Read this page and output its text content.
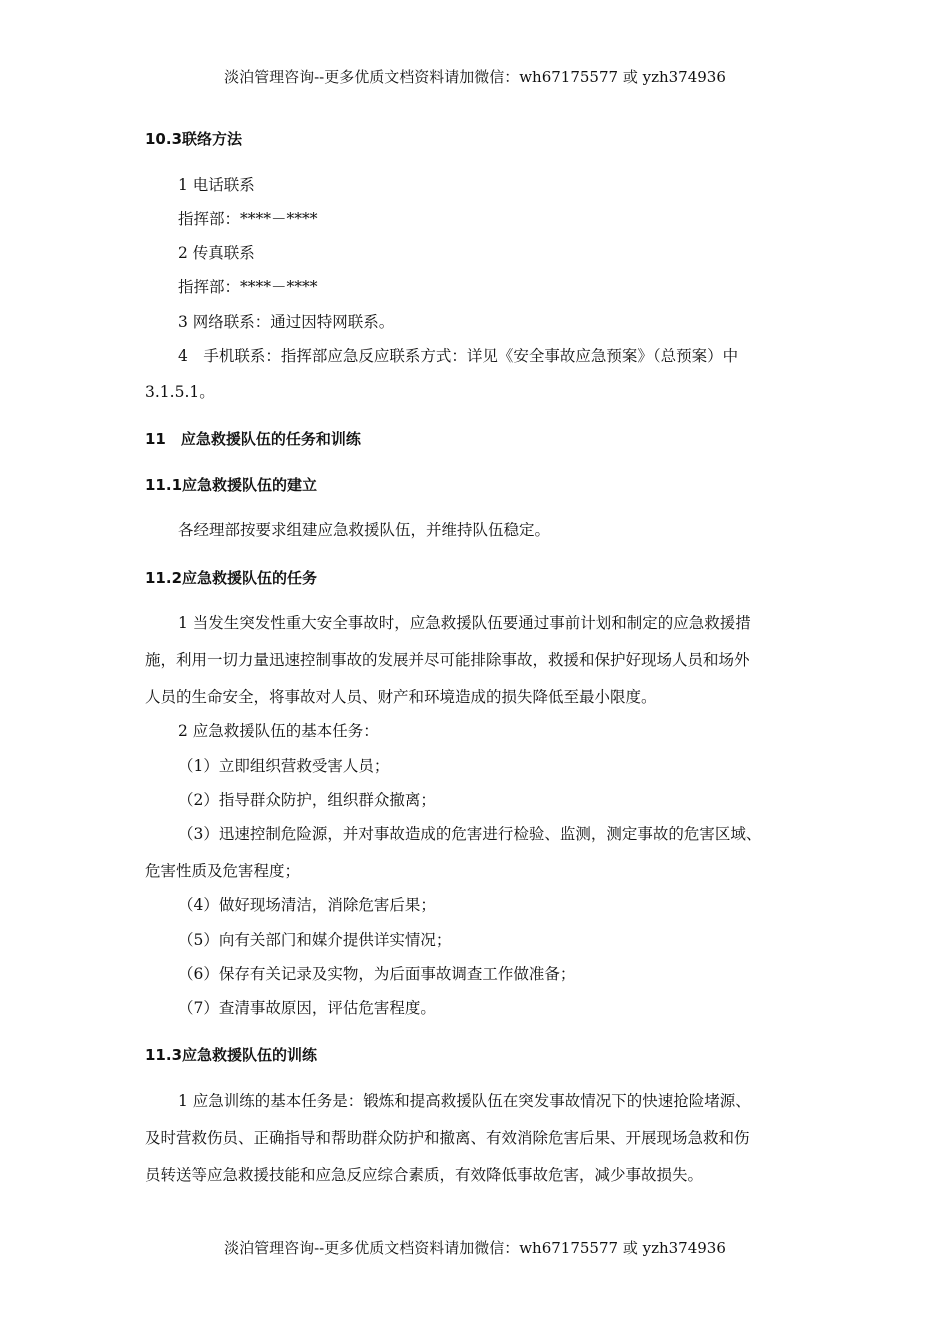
淡泊管理咨询--更多优质文档资料请加微信：wh67175577 或 yzh374936
10.3联络方法
1 电话联系
指挥部：****－****
2 传真联系
指挥部：****－****
3 网络联系：通过因特网联系。
4　手机联系：指挥部应急反应联系方式：详见《安全事故应急预案》（总预案）中
3.1.5.1。
11　应急救援队伍的任务和训练
11.1应急救援队伍的建立
各经理部按要求组建应急救援队伍，并维持队伍稳定。
11.2应急救援队伍的任务
1 当发生突发性重大安全事故时，应急救援队伍要通过事前计划和制定的应急救援措
施，利用一切力量迅速控制事故的发展并尽可能排除事故，救援和保护好现场人员和场外
人员的生命安全，将事故对人员、财产和环境造成的损失降低至最小限度。
2 应急救援队伍的基本任务：
（1）立即组织营救受害人员；
（2）指导群众防护，组织群众撤离；
（3）迅速控制危险源，并对事故造成的危害进行检验、监测，测定事故的危害区域、
危害性质及危害程度；
（4）做好现场清洁，消除危害后果；
（5）向有关部门和媒介提供详实情况；
（6）保存有关记录及实物，为后面事故调查工作做准备；
（7）查清事故原因，评估危害程度。
11.3应急救援队伍的训练
1 应急训练的基本任务是：锻炼和提高救援队伍在突发事故情况下的快速抢险堵源、
及时营救伤员、正确指导和帮助群众防护和撤离、有效消除危害后果、开展现场急救和伤
员转送等应急救援技能和应急反应综合素质，有效降低事故危害，减少事故损失。
淡泊管理咨询--更多优质文档资料请加微信：wh67175577 或 yzh374936
